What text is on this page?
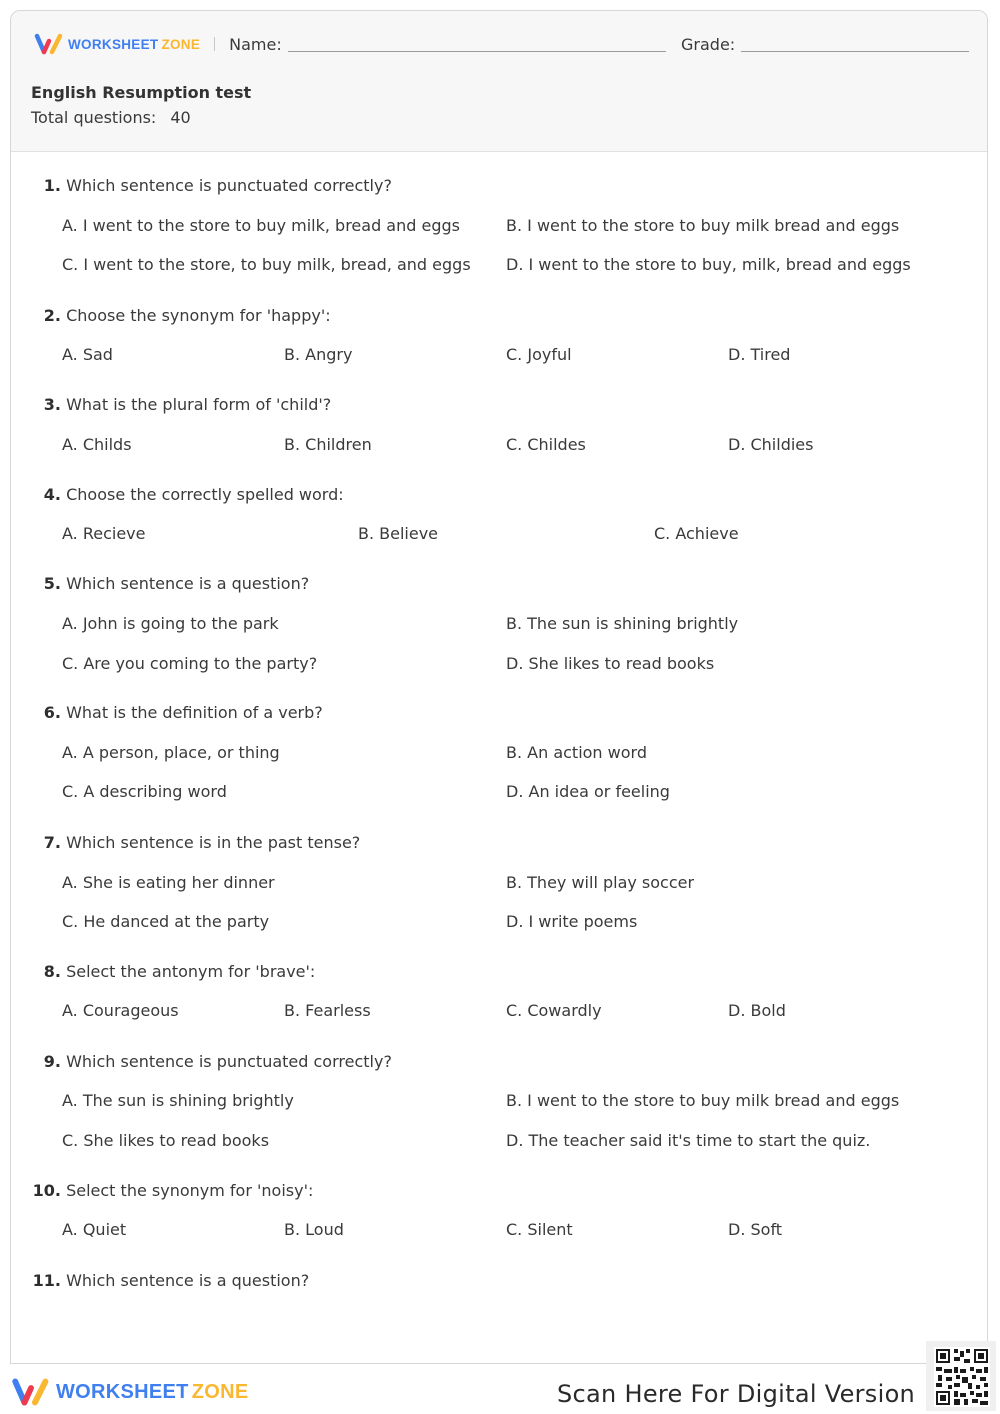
WORKSHEET ZONE Name:	Grade:
English Resumption test
Total questions: 40
1. Which sentence is punctuated correctly?
A. I went to the store to buy milk, bread and eggs	B. I went to the store to buy milk bread and eggs
C. I went to the store, to buy milk, bread, and eggs D. I went to the store to buy, milk, bread and eggs
2. Choose the synonym for 'happy':
A. Sad	B. Angry	C. Joyful	D. Tired
3. What is the plural form of 'child'?
A. Childs	B. Children	C. Childes	D. Childies
4. Choose the correctly spelled word:
A. Recieve	B. Believe	C. Achieve
5. Which sentence is a question?
A. John is going to the park	B. The sun is shining brightly
C. Are you coming to the party?	D. She likes to read books
6. What is the definition of a verb?
A. A person, place, or thing	B. An action word
C. A describing word	D. An idea or feeling
7. Which sentence is in the past tense?
A. She is eating her dinner	B. They will play soccer
C. He danced at the party	D. I write poems
8. Select the antonym for 'brave':
A. Courageous	B. Fearless	C. Cowardly	D. Bold
9. Which sentence is punctuated correctly?
A. The sun is shining brightly	B. I went to the store to buy milk bread and eggs
C. She likes to read books	D. The teacher said it's time to start the quiz.
10. Select the synonym for 'noisy':
A. Quiet	B. Loud	C. Silent	D. Soft
11. Which sentence is a question?
WORKSHEET ZONE	Scan Here For Digital Version
